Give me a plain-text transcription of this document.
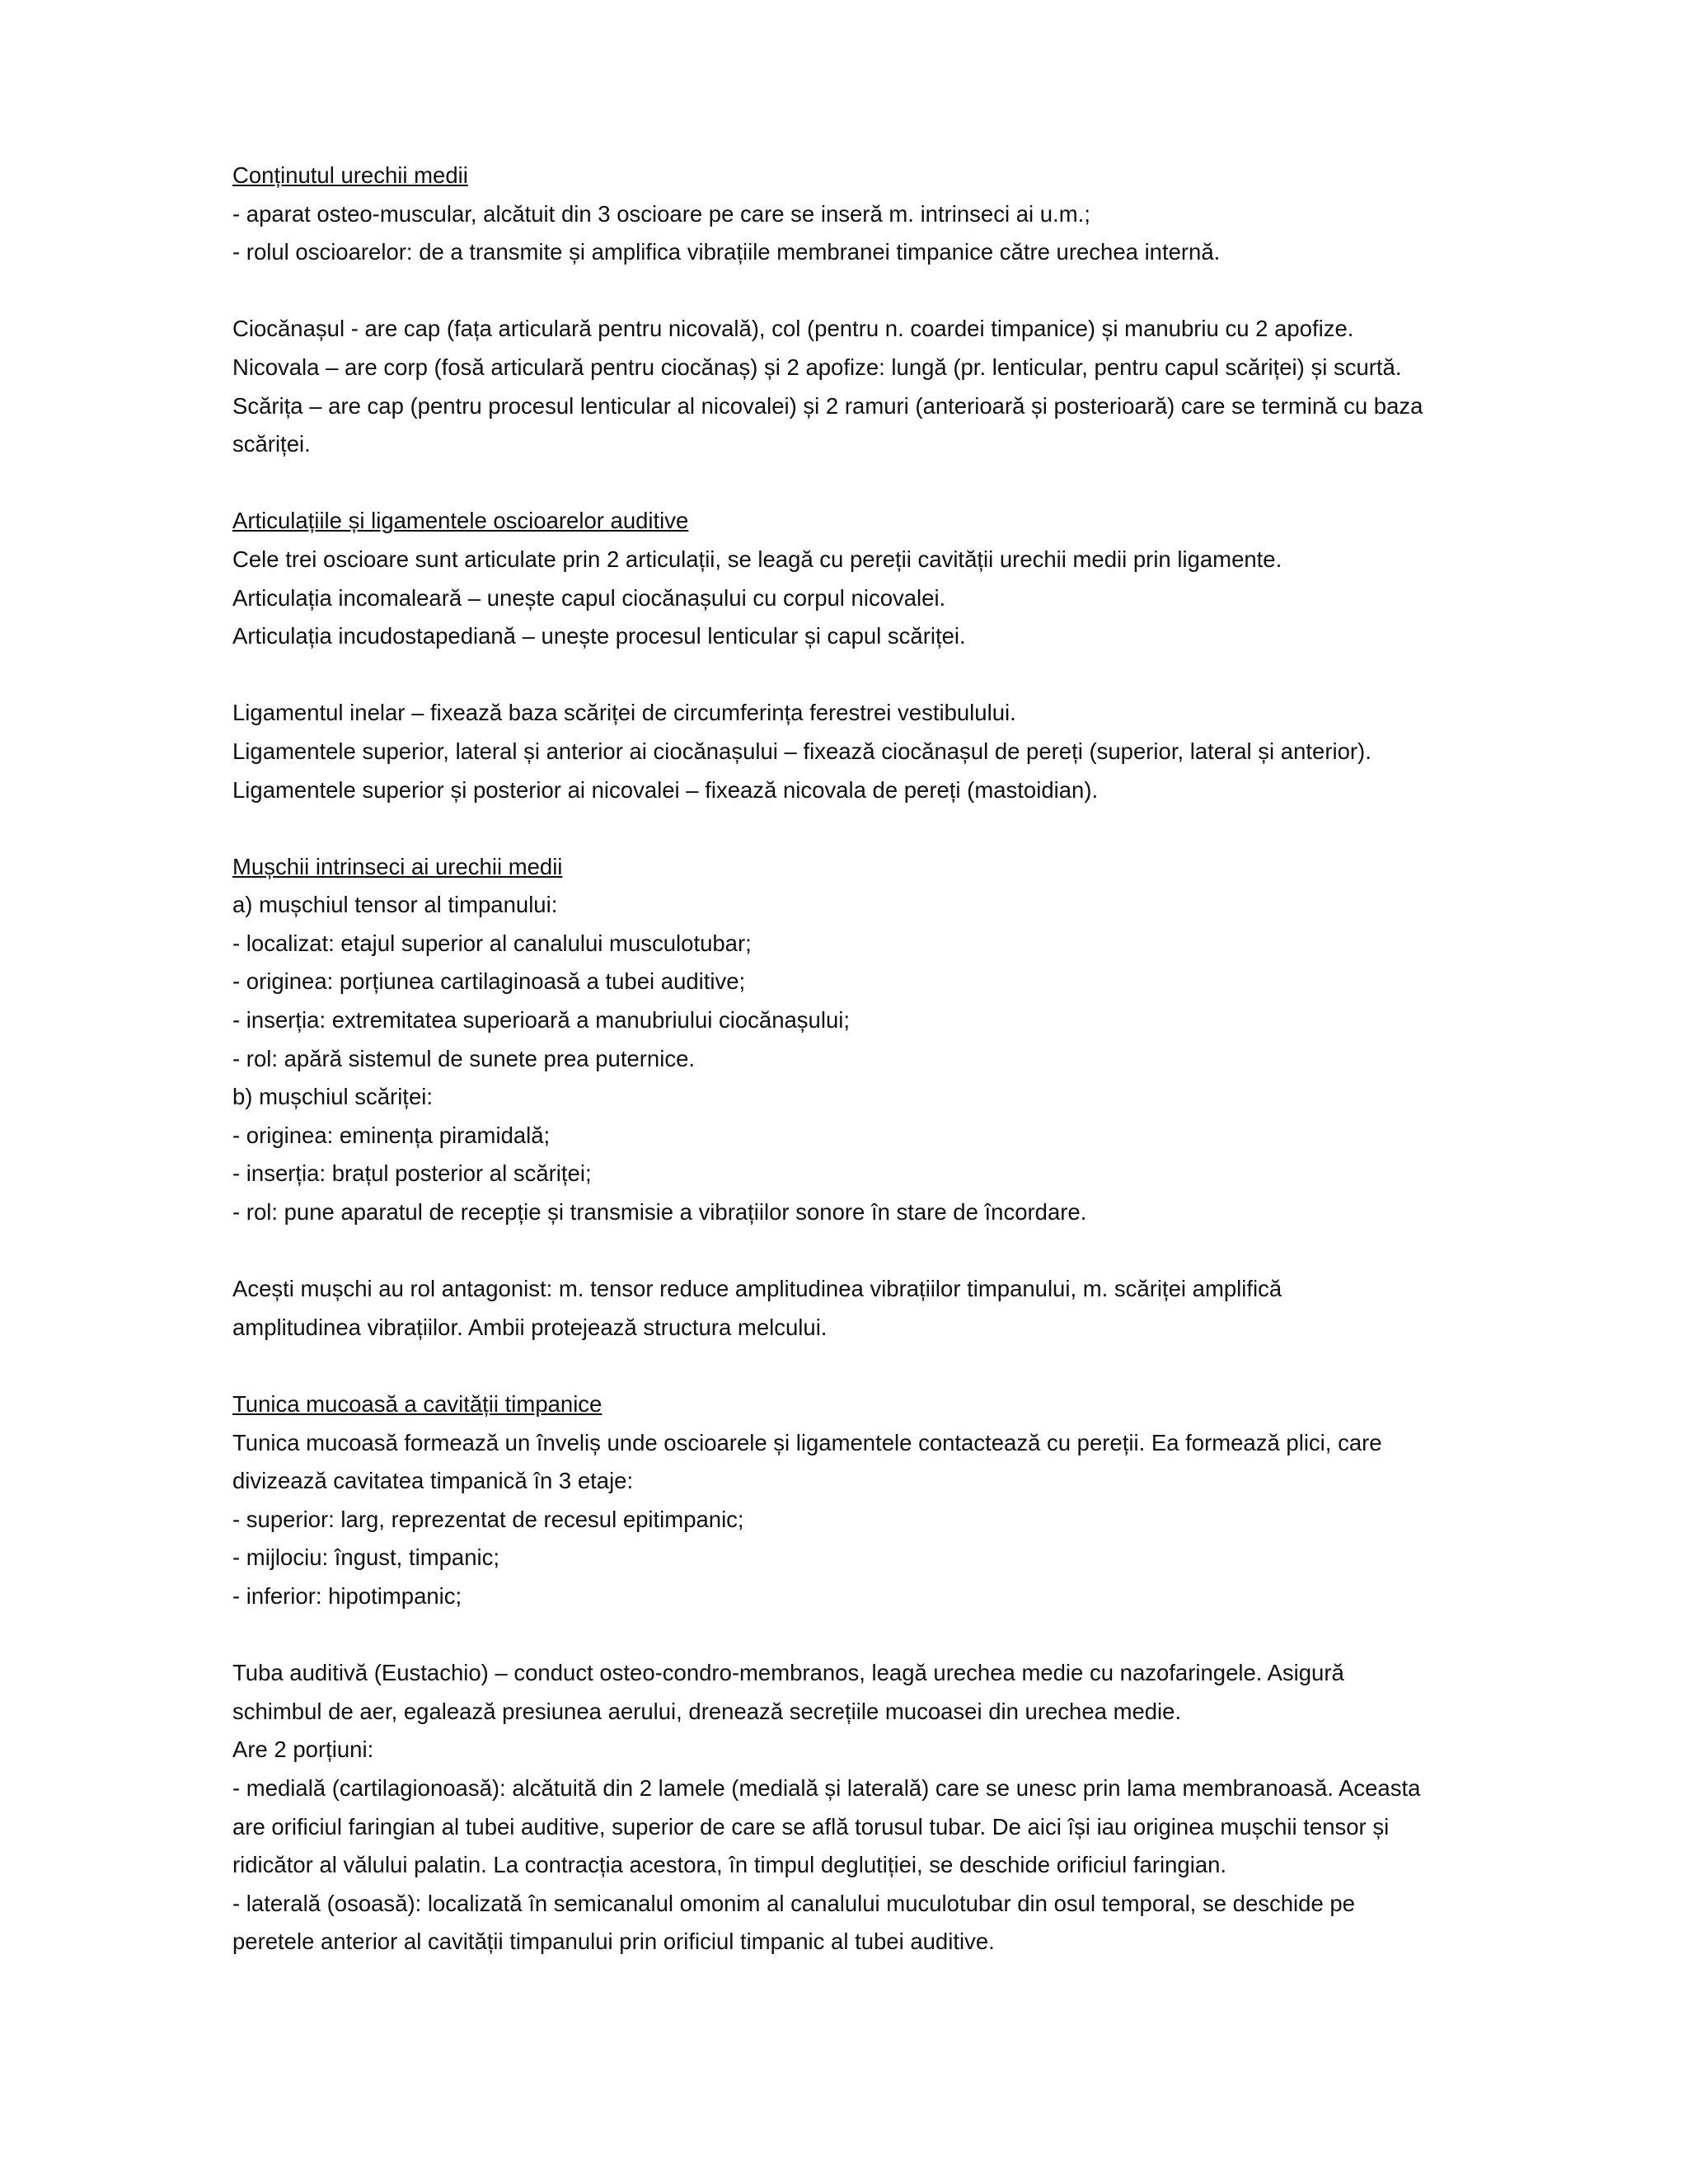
Conținutul urechii medii
- aparat osteo-muscular, alcătuit din 3 oscioare pe care se inseră m. intrinseci ai u.m.;
- rolul oscioarelor: de a transmite și amplifica vibrațiile membranei timpanice către urechea internă.
Ciocănașul - are cap (fața articulară pentru nicovală), col (pentru n. coardei timpanice) și manubriu cu 2 apofize.
Nicovala – are corp (fosă articulară pentru ciocănaș) și 2 apofize: lungă (pr. lenticular, pentru capul scăriței) și scurtă.
Scărița – are cap (pentru procesul lenticular al nicovalei) și 2 ramuri (anterioară și posterioară) care se termină cu baza
scăriței.
Articulațiile și ligamentele oscioarelor auditive
Cele trei oscioare sunt articulate prin 2 articulații, se leagă cu pereții cavității urechii medii prin ligamente.
Articulația incomaleară – unește capul ciocănașului cu corpul nicovalei.
Articulația incudostapediană – unește procesul lenticular și capul scăriței.
Ligamentul inelar – fixează baza scăriței de circumferința ferestrei vestibulului.
Ligamentele superior, lateral și anterior ai ciocănașului – fixează ciocănașul de pereți (superior, lateral și anterior).
Ligamentele superior și posterior ai nicovalei – fixează nicovala de pereți (mastoidian).
Mușchii intrinseci ai urechii medii
a) mușchiul tensor al timpanului:
- localizat: etajul superior al canalului musculotubar;
- originea: porțiunea cartilaginoasă a tubei auditive;
- inserția: extremitatea superioară a manubriului ciocănașului;
- rol: apără sistemul de sunete prea puternice.
b) mușchiul scăriței:
- originea: eminența piramidală;
- inserția: brațul posterior al scăriței;
- rol: pune aparatul de recepție și transmisie a vibrațiilor sonore în stare de încordare.
Acești mușchi au rol antagonist: m. tensor reduce amplitudinea vibrațiilor timpanului, m. scăriței amplifică
amplitudinea vibrațiilor. Ambii protejează structura melcului.
Tunica mucoasă a cavității timpanice
Tunica mucoasă formează un înveliș unde oscioarele și ligamentele contactează cu pereții. Ea formează plici, care
divizează cavitatea timpanică în 3 etaje:
- superior: larg, reprezentat de recesul epitimpanic;
- mijlociu: îngust, timpanic;
- inferior: hipotimpanic;
Tuba auditivă (Eustachio) – conduct osteo-condro-membranos, leagă urechea medie cu nazofaringele. Asigură
schimbul de aer, egalează presiunea aerului, drenează secrețiile mucoasei din urechea medie.
Are 2 porțiuni:
- medială (cartilagionoasă): alcătuită din 2 lamele (medială și laterală) care se unesc prin lama membranoasă. Aceasta
are orificiul faringian al tubei auditive, superior de care se află torusul tubar. De aici își iau originea mușchii tensor și
ridicător al vălului palatin. La contracția acestora, în timpul deglutiției, se deschide orificiul faringian.
- laterală (osoasă): localizată în semicanalul omonim al canalului muculotubar din osul temporal, se deschide pe
peretele anterior al cavității timpanului prin orificiul timpanic al tubei auditive.
